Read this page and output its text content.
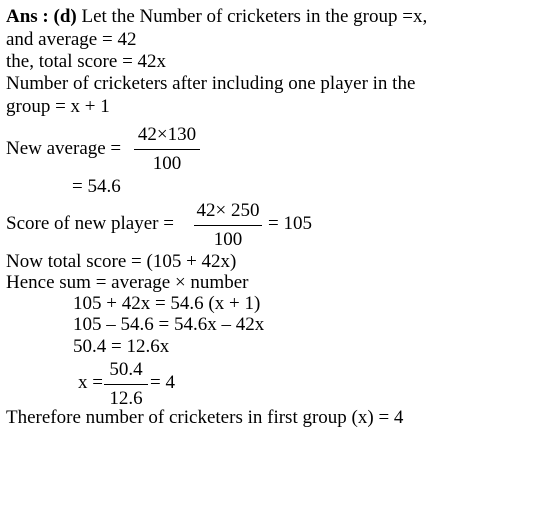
Ans : (d) Let the Number of cricketers in the group =x,
and average = 42
the, total score = 42x
Number of cricketers after including one player in the
group = x + 1
New average =
42×130
100
= 54.6
Score of new player =
42× 250
100
= 105
Now total score = (105 + 42x)
Hence sum = average × number
105 + 42x = 54.6 (x + 1)
105 – 54.6 = 54.6x – 42x
50.4 = 12.6x
x =
50.4
12.6
= 4
Therefore number of cricketers in first group (x) = 4
